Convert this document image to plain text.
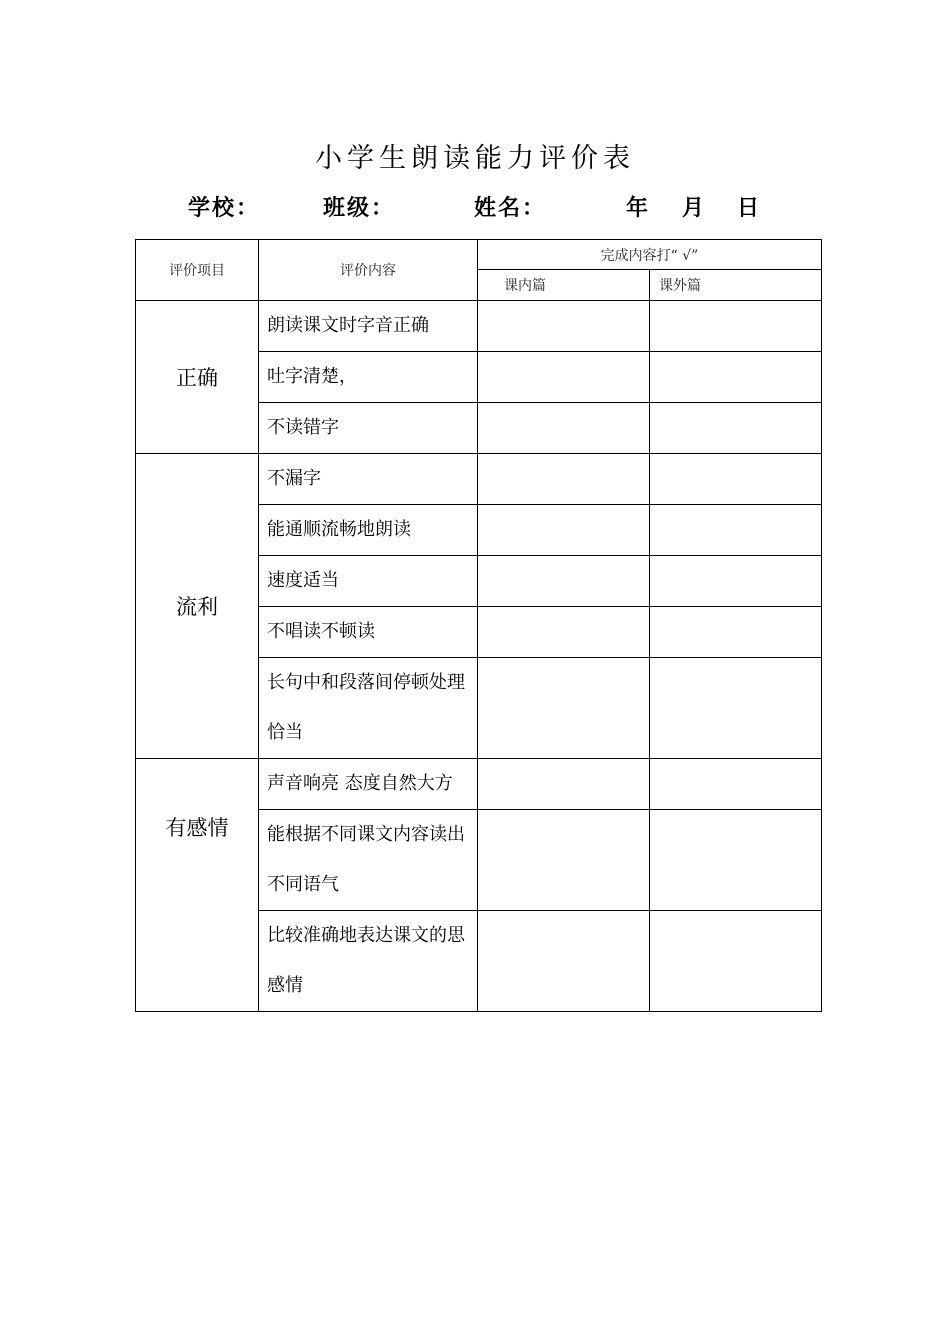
小学生朗读能力评价表
学校：	班级：	姓名：	年 月 日
评价项目	评价内容	完成内容打“ √”	
		课内篇	课外篇
正确	朗读课文时字音正确		
	吐字清楚，		
	不读错字		
流利	不漏字		
	能通顺流畅地朗读		
	速度适当		
	不唱读不顿读		
	长句中和段落间停顿处理恰当		
有感情	声音响亮 态度自然大方		
	能根据不同课文内容读出不同语气		
	比较准确地表达课文的思感情		
